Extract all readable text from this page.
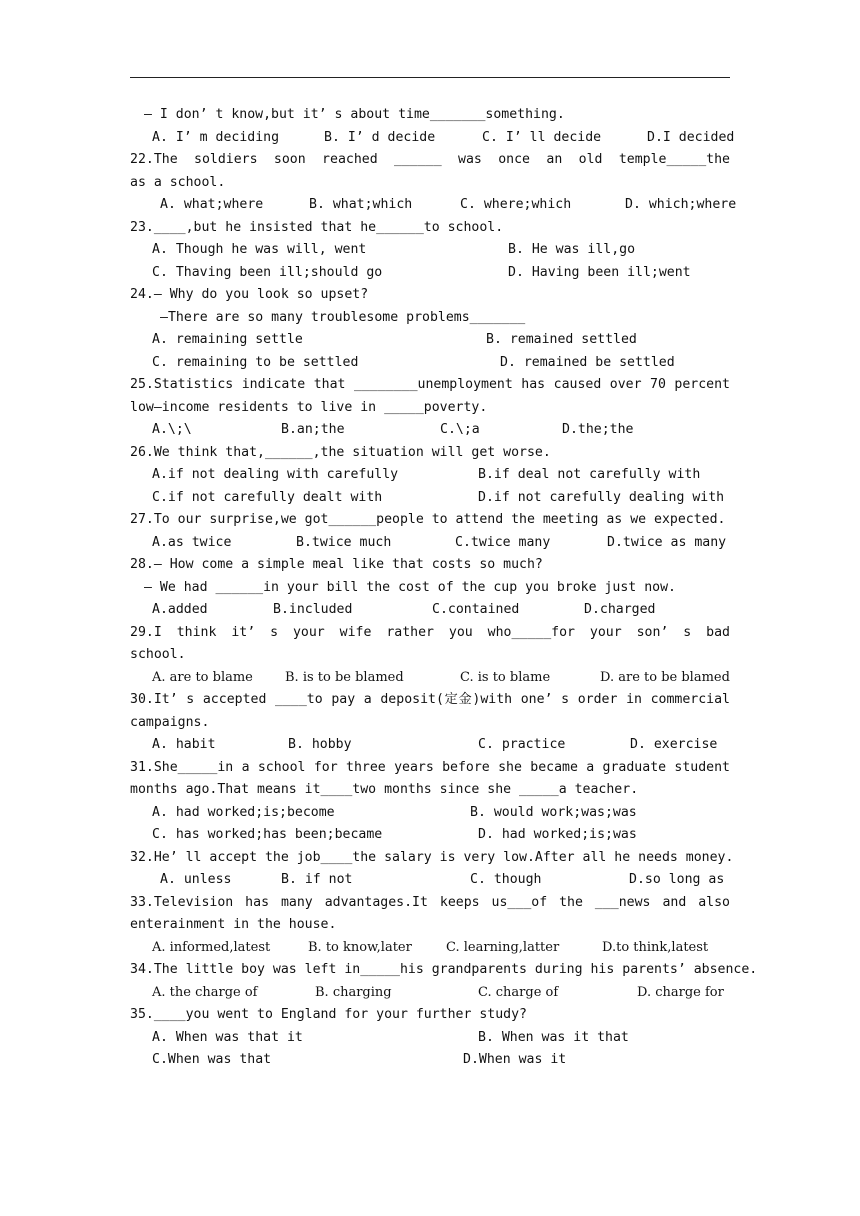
— I don’ t know,but it’ s about time_______something.
A. I’ m deciding	B. I’ d decide	C. I’ ll decide	D.I decided
22.The soldiers soon reached ______ was once an old temple_____the
as a school.
A. what;where	B. what;which	C. where;which	D. which;where
23.____,but he insisted that he______to school.
A. Though he was will, went	B. He was ill,go
C. Thaving been ill;should go	D. Having been ill;went
24.— Why do you look so upset?
—There are so many troublesome problems_______
A. remaining settle	B. remained settled
C. remaining to be settled	D. remained be settled
25.Statistics indicate that ________unemployment has caused over 70 percent
low—income residents to live in _____poverty.
A.\;\	B.an;the	C.\;a	D.the;the
26.We think that,______,the situation will get worse.
A.if not dealing with carefully	B.if deal not carefully with
C.if not carefully dealt with	D.if not carefully dealing with
27.To our surprise,we got______people to attend the meeting as we expected.
A.as twice	B.twice much	C.twice many	D.twice as many
28.— How come a simple meal like that costs so much?
— We had ______in your bill the cost of the cup you broke just now.
A.added	B.included	C.contained	D.charged
29.I think it’ s your wife rather you who_____for your son’ s bad
school.
A. are to blame B. is to be blamed	C. is to blame	D. are to be blamed
30.It’ s accepted ____to pay a deposit(定金)with one’ s order in commercial
campaigns.
A. habit	B. hobby	C. practice	D. exercise
31.She_____in a school for three years before she became a graduate student
months ago.That means it____two months since she _____a teacher.
A. had worked;is;become	B. would work;was;was
C. has worked;has been;became	D. had worked;is;was
32.He’ ll accept the job____the salary is very low.After all he needs money.
A. unless	B. if not	C. though	D.so long as
33.Television has many advantages.It keeps us___of the ___news and also
enterainment in the house.
A. informed,latest	B. to know,later	C. learning,latter	D.to think,latest
34.The little boy was left in_____his grandparents during his parents’ absence.
A. the charge of	B. charging	C. charge of	D. charge for
35.____you went to England for your further study?
A. When was that it	B. When was it that
C.When was that	D.When was it
